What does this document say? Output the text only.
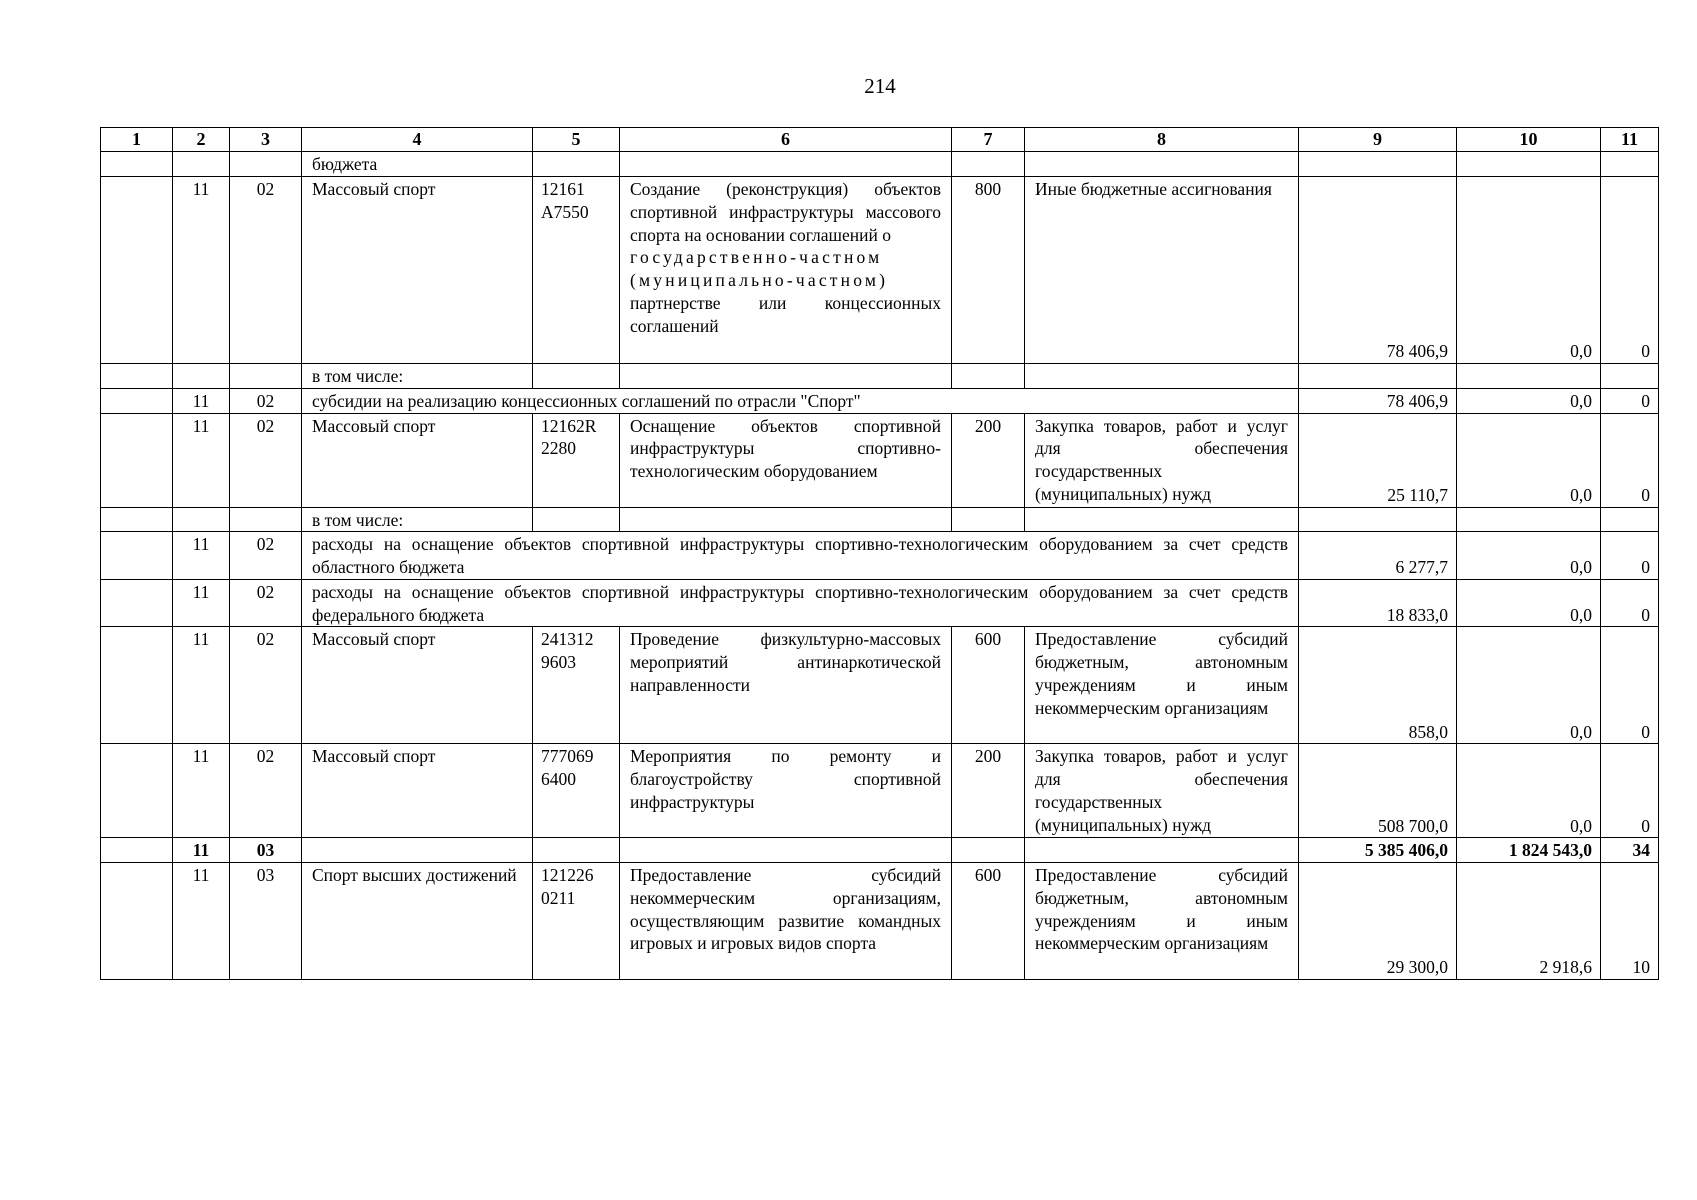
214
1	2	3	4	5	6	7	8	9	10	11
			бюджета							
	11	02	Массовый спорт	12161 A7550	Создание (реконструкция) объектов спортивной инфраструктуры массового спорта на основании соглашений о
государственно-частном
(муниципально-частном)
партнерстве или концессионных соглашений	800	Иные бюджетные ассигнования	78 406,9	0,0	0
			в том числе:							
	11	02	субсидии на реализацию концессионных соглашений по отрасли "Спорт"					78 406,9	0,0	0
	11	02	Массовый спорт	12162R 2280	Оснащение объектов спортивной инфраструктуры спортивно-технологическим оборудованием	200	Закупка товаров, работ и услуг для обеспечения государственных (муниципальных) нужд	25 110,7	0,0	0
			в том числе:							
	11	02	расходы на оснащение объектов спортивной инфраструктуры спортивно-технологическим оборудованием за счет средств областного бюджета					6 277,7	0,0	0
	11	02	расходы на оснащение объектов спортивной инфраструктуры спортивно-технологическим оборудованием за счет средств федерального бюджета					18 833,0	0,0	0
	11	02	Массовый спорт	241312 9603	Проведение физкультурно-массовых мероприятий антинаркотической направленности	600	Предоставление субсидий бюджетным, автономным учреждениям и иным некоммерческим организациям	858,0	0,0	0
	11	02	Массовый спорт	777069 6400	Мероприятия по ремонту и благоустройству спортивной инфраструктуры	200	Закупка товаров, работ и услуг для обеспечения государственных (муниципальных) нужд	508 700,0	0,0	0
	11	03						5 385 406,0	1 824 543,0	34
	11	03	Спорт высших достижений	121226 0211	Предоставление субсидий некоммерческим организациям, осуществляющим развитие командных игровых и игровых видов спорта	600	Предоставление субсидий бюджетным, автономным учреждениям и иным некоммерческим организациям	29 300,0	2 918,6	10
